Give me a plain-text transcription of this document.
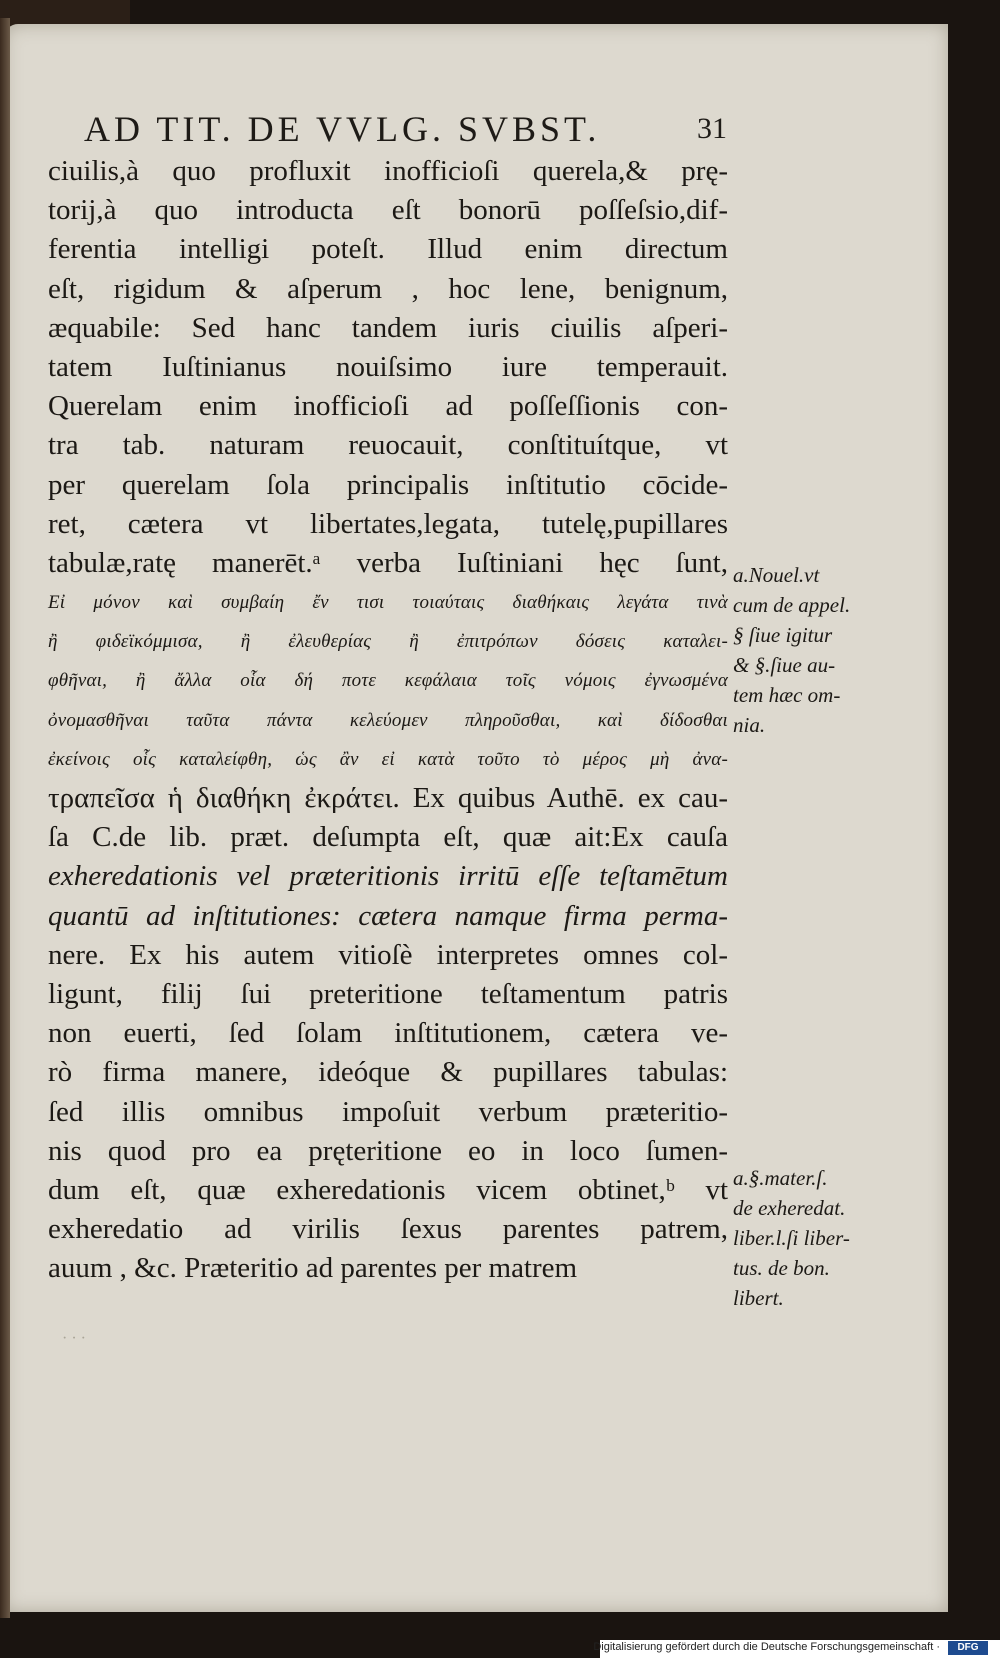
AD TIT. DE VVLG. SVBST.	31
ciuilis,à quo profluxit inofficioſi querela,& prę-
torij,à quo introducta eſt bonorū poſſeſsio,dif-
ferentia intelligi poteſt. Illud enim directum
eſt, rigidum & aſperum , hoc lene, benignum,
æquabile: Sed hanc tandem iuris ciuilis aſperi-
tatem Iuſtinianus nouiſsimo iure temperauit.
Querelam enim inofficioſi ad poſſeſſionis con-
tra tab. naturam reuocauit, conſtituítque, vt
per querelam ſola principalis inſtitutio cōcide-
ret, cætera vt libertates,legata, tutelę,pupillares
tabulæ,ratę manerēt.ᵃ verba Iuſtiniani hęc ſunt,
Εἰ μόνον καὶ συμβαίη ἔν τισι τοιαύταις διαθήκαις λεγάτα τινὰ
ἢ φιδεϊκόμμισα, ἢ ἐλευθερίας ἢ ἐπιτρόπων δόσεις καταλει-
φθῆναι, ἢ ἄλλα οἷα δή ποτε κεφάλαια τοῖς νόμοις ἐγνωσμένα
ὀνομασθῆναι ταῦτα πάντα κελεύομεν πληροῦσθαι, καὶ δίδοσθαι
ἐκείνοις οἷς καταλείφθη, ὡς ἂν εἰ κατὰ τοῦτο τὸ μέρος μὴ ἀνα-
τραπεῖσα ἡ διαθήκη ἐκράτει. Ex quibus Authē. ex cau-
ſa C.de lib. præt. deſumpta eſt, quæ ait:Ex cauſa
exheredationis vel præteritionis irritū eſſe teſtamētum
quantū ad inſtitutiones: cætera namque firma perma-
nere. Ex his autem vitioſè interpretes omnes col-
ligunt, filij ſui preteritione teſtamentum patris
non euerti, ſed ſolam inſtitutionem, cætera ve-
rò firma manere, ideóque & pupillares tabulas:
ſed illis omnibus impoſuit verbum præteritio-
nis quod pro ea pręteritione eo in loco ſumen-
dum eſt, quæ exheredationis vicem obtinet,ᵇ vt
exheredatio ad virilis ſexus parentes patrem,
auum , &c. Præteritio ad parentes per matrem
a.Nouel.vt
cum de appel.
§ ſiue igitur
& §.ſiue au-
tem hæc om-
nia.
a.§.mater.ſ.
de exheredat.
liber.l.ſi liber-
tus. de bon.
libert.
· · ·
Digitalisierung gefördert durch die Deutsche Forschungsgemeinschaft ·	DFG
